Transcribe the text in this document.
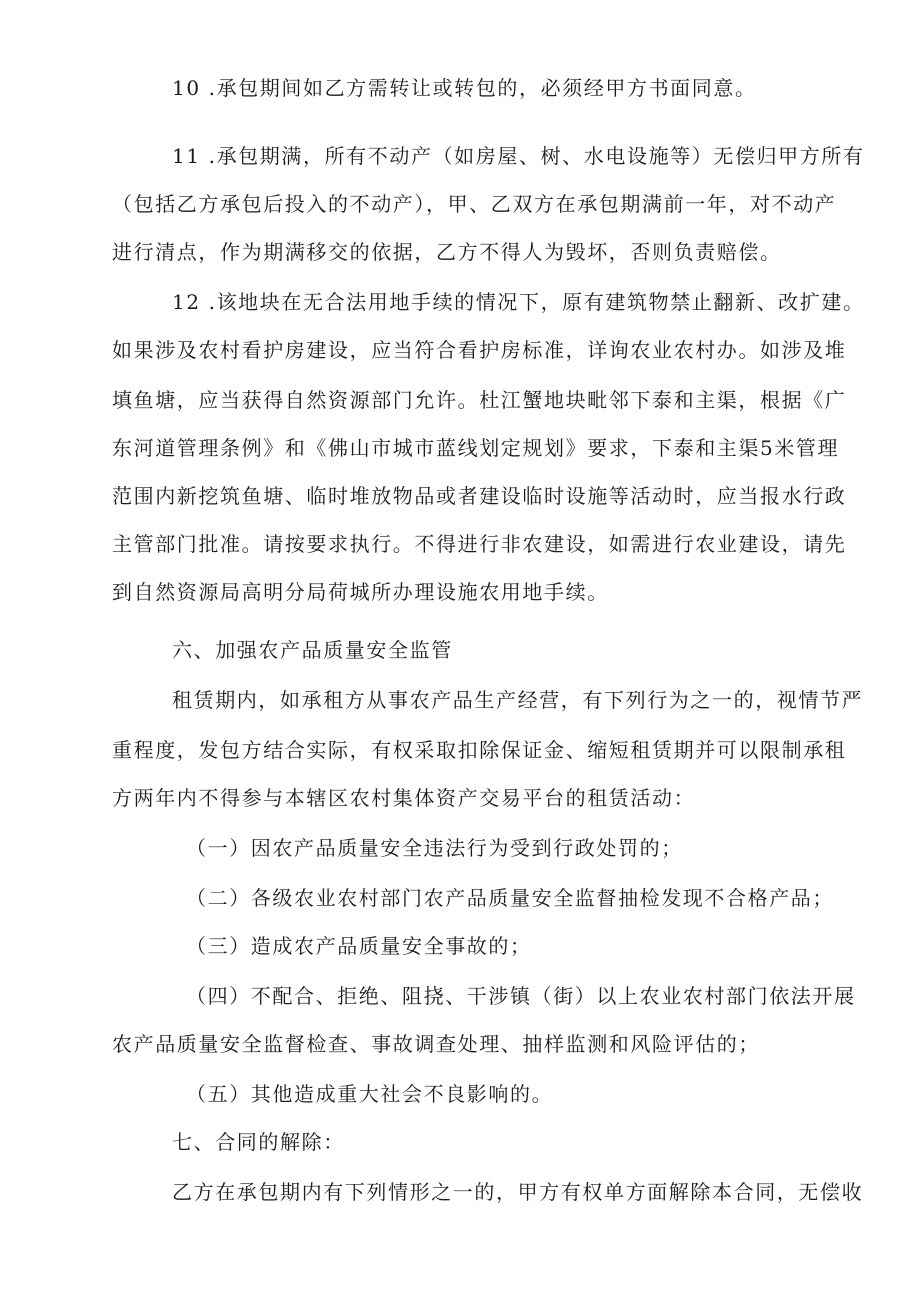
10 .承包期间如乙方需转让或转包的，必须经甲方书面同意。
11 .承包期满，所有不动产（如房屋、树、水电设施等）无偿归甲方所有
（包括乙方承包后投入的不动产），甲、乙双方在承包期满前一年，对不动产
进行清点，作为期满移交的依据，乙方不得人为毁坏，否则负责赔偿。
12 .该地块在无合法用地手续的情况下，原有建筑物禁止翻新、改扩建。
如果涉及农村看护房建设，应当符合看护房标准，详询农业农村办。如涉及堆
填鱼塘，应当获得自然资源部门允许。杜江蟹地块毗邻下泰和主渠，根据《广
东河道管理条例》和《佛山市城市蓝线划定规划》要求，下泰和主渠5米管理
范围内新挖筑鱼塘、临时堆放物品或者建设临时设施等活动时，应当报水行政
主管部门批准。请按要求执行。不得进行非农建设，如需进行农业建设，请先
到自然资源局高明分局荷城所办理设施农用地手续。
六、加强农产品质量安全监管
租赁期内，如承租方从事农产品生产经营，有下列行为之一的，视情节严
重程度，发包方结合实际，有权采取扣除保证金、缩短租赁期并可以限制承租
方两年内不得参与本辖区农村集体资产交易平台的租赁活动：
（一）因农产品质量安全违法行为受到行政处罚的；
（二）各级农业农村部门农产品质量安全监督抽检发现不合格产品；
（三）造成农产品质量安全事故的；
（四）不配合、拒绝、阻挠、干涉镇（街）以上农业农村部门依法开展
农产品质量安全监督检查、事故调查处理、抽样监测和风险评估的；
（五）其他造成重大社会不良影响的。
七、合同的解除：
乙方在承包期内有下列情形之一的，甲方有权单方面解除本合同，无偿收
